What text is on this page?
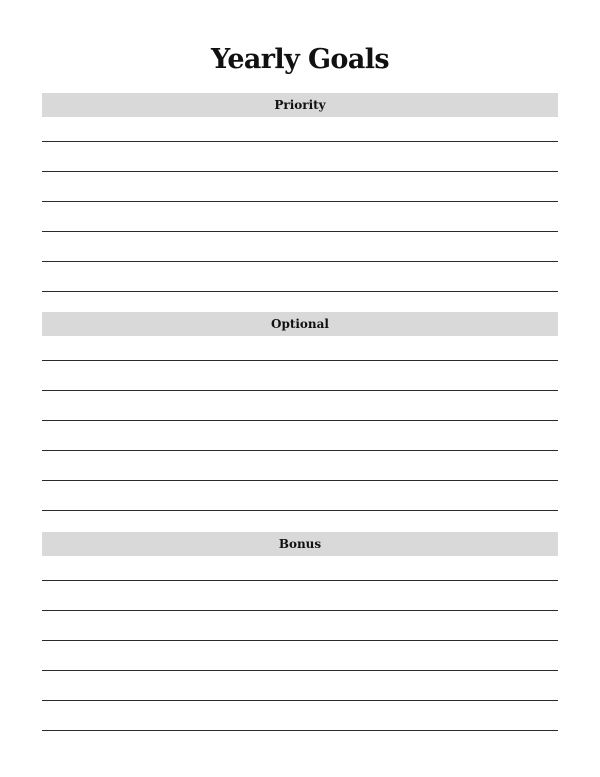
Yearly Goals
Priority
Optional
Bonus
